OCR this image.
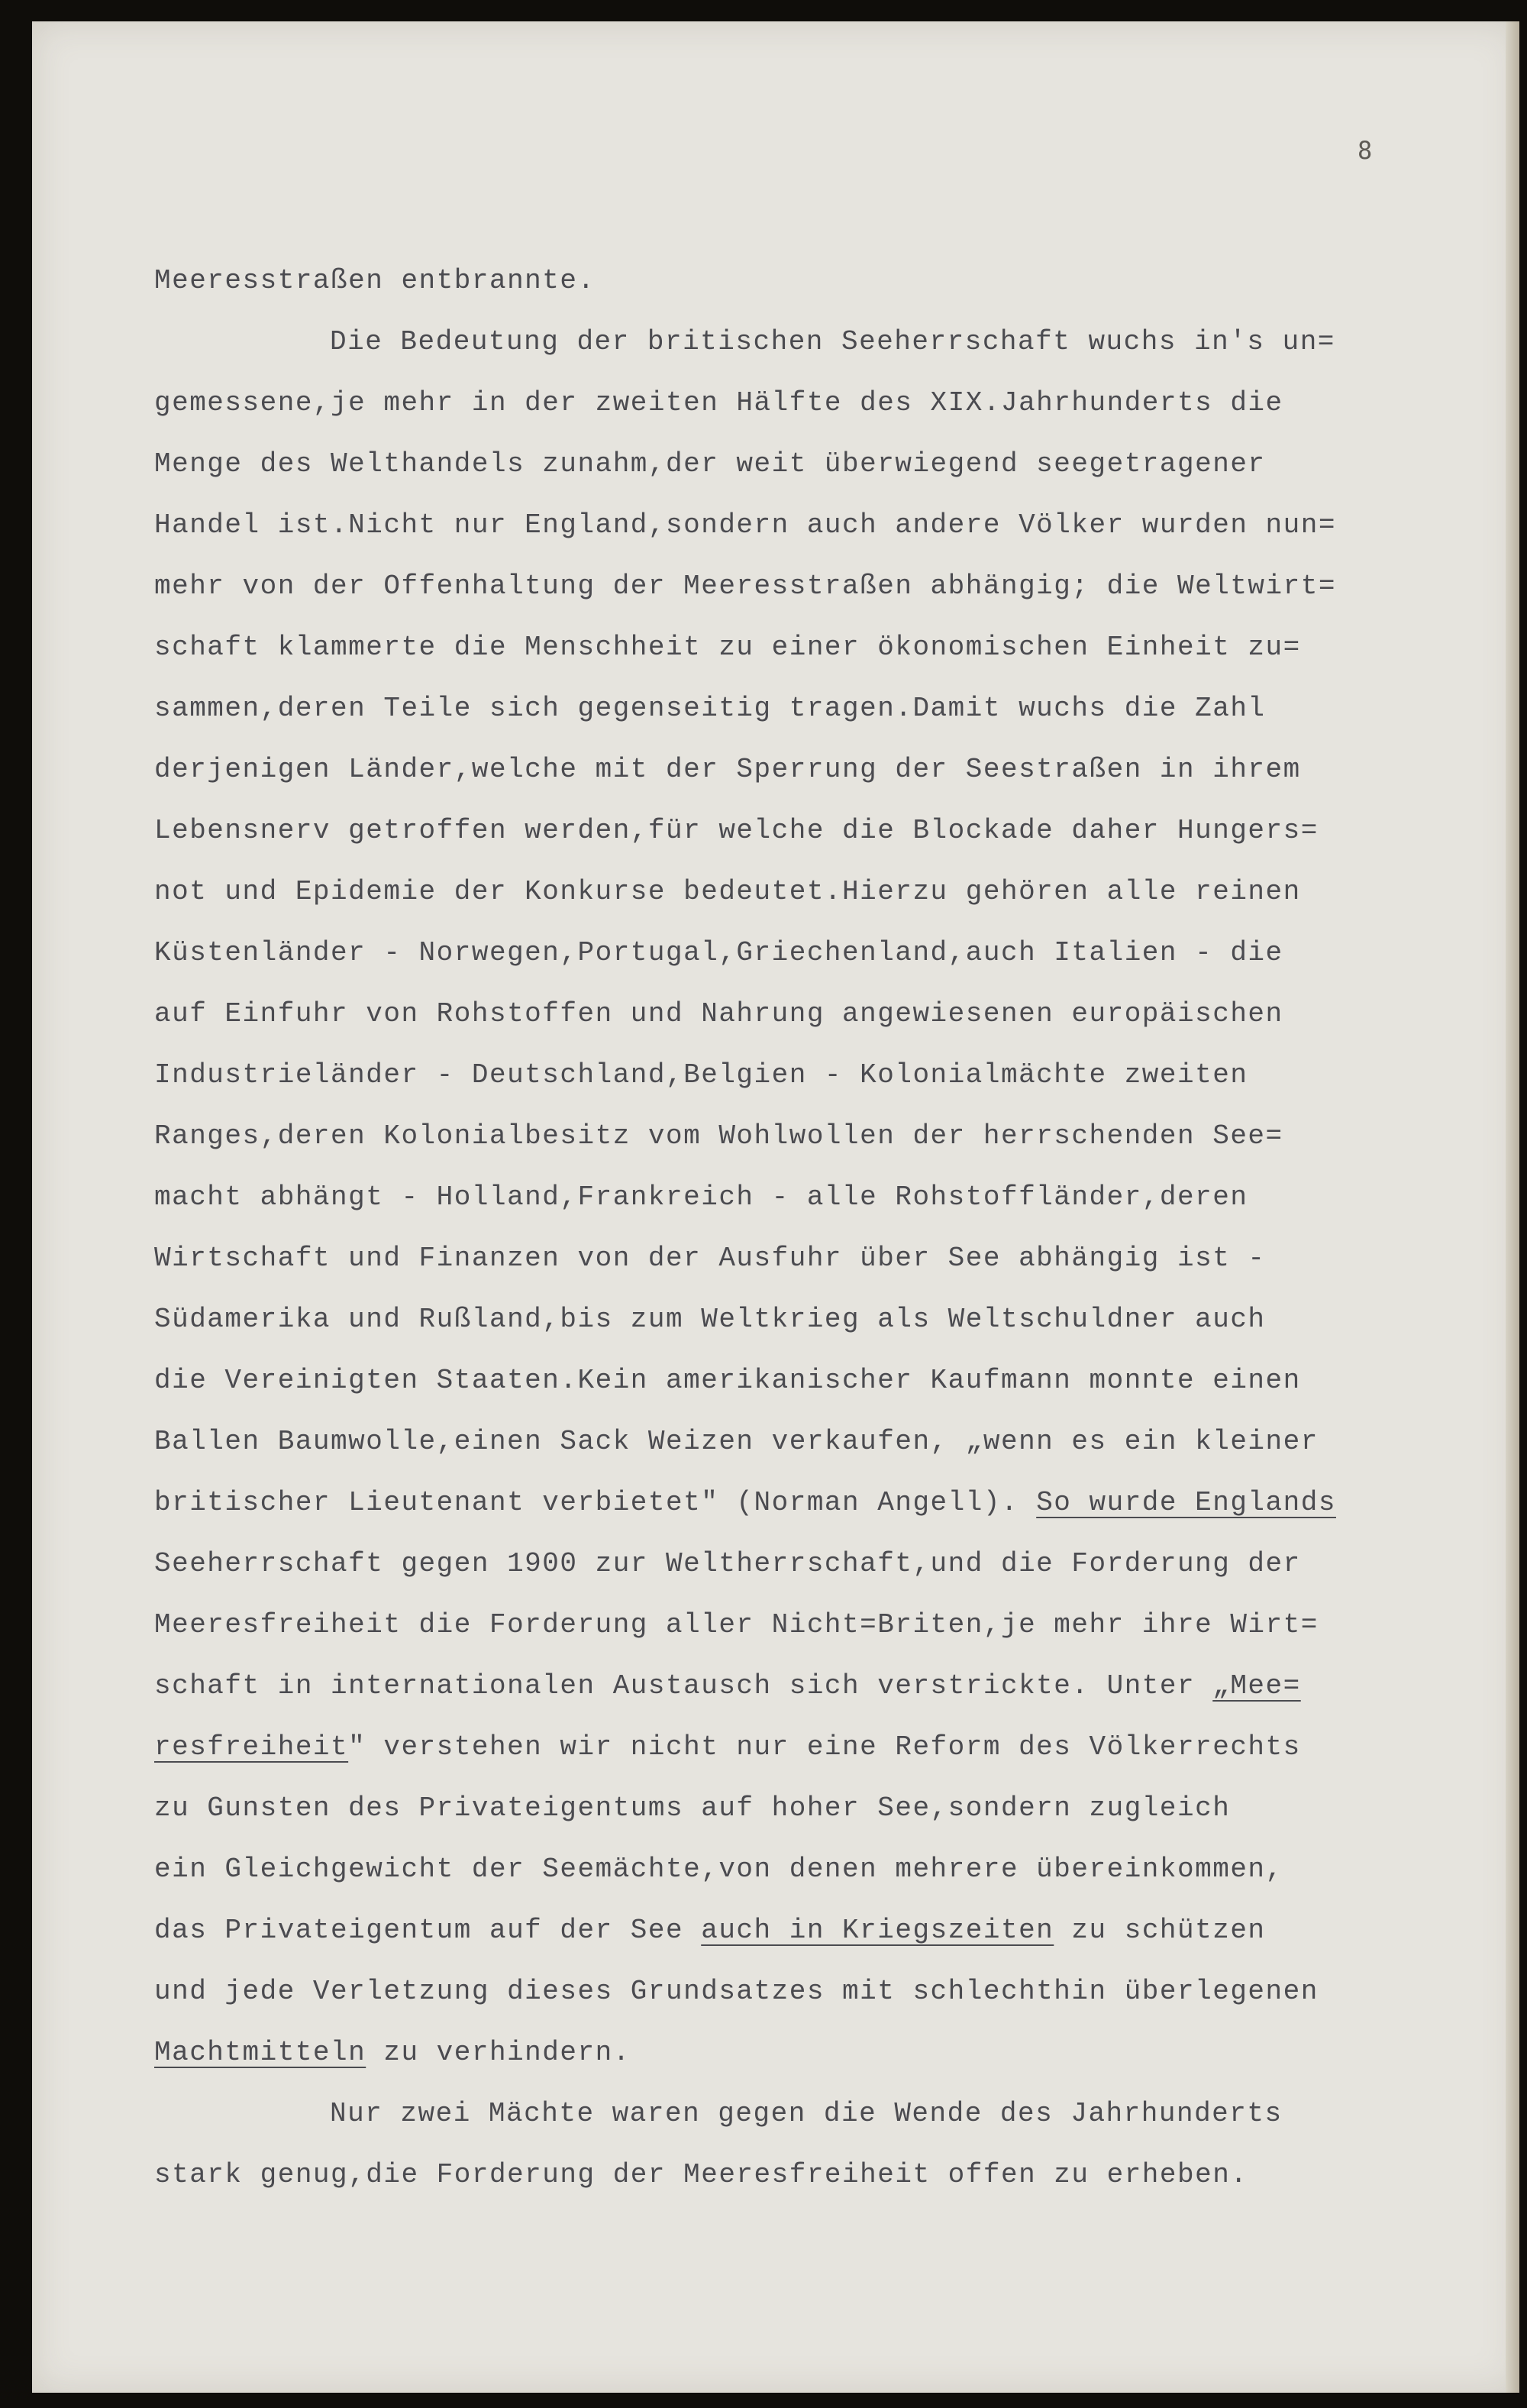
8
Meeresstraßen entbrannte.
Die Bedeutung der britischen Seeherrschaft wuchs in's un=
gemessene,je mehr in der zweiten Hälfte des XIX.Jahrhunderts die
Menge des Welthandels zunahm,der weit überwiegend seegetragener
Handel ist.Nicht nur England,sondern auch andere Völker wurden nun=
mehr von der Offenhaltung der Meeresstraßen abhängig; die Weltwirt=
schaft klammerte die Menschheit zu einer ökonomischen Einheit zu=
sammen,deren Teile sich gegenseitig tragen.Damit wuchs die Zahl
derjenigen Länder,welche mit der Sperrung der Seestraßen in ihrem
Lebensnerv getroffen werden,für welche die Blockade daher Hungers=
not und Epidemie der Konkurse bedeutet.Hierzu gehören alle reinen
Küstenländer - Norwegen,Portugal,Griechenland,auch Italien - die
auf Einfuhr von Rohstoffen und Nahrung angewiesenen europäischen
Industrieländer - Deutschland,Belgien - Kolonialmächte zweiten
Ranges,deren Kolonialbesitz vom Wohlwollen der herrschenden See=
macht abhängt - Holland,Frankreich - alle Rohstoffländer,deren
Wirtschaft und Finanzen von der Ausfuhr über See abhängig ist -
Südamerika und Rußland,bis zum Weltkrieg als Weltschuldner auch
die Vereinigten Staaten.Kein amerikanischer Kaufmann monnte einen
Ballen Baumwolle,einen Sack Weizen verkaufen, „wenn es ein kleiner
britischer Lieutenant verbietet" (Norman Angell). So wurde Englands
Seeherrschaft gegen 1900 zur Weltherrschaft,und die Forderung der
Meeresfreiheit die Forderung aller Nicht=Briten,je mehr ihre Wirt=
schaft in internationalen Austausch sich verstrickte. Unter „Mee=
resfreiheit" verstehen wir nicht nur eine Reform des Völkerrechts
zu Gunsten des Privateigentums auf hoher See,sondern zugleich
ein Gleichgewicht der Seemächte,von denen mehrere übereinkommen,
das Privateigentum auf der See auch in Kriegszeiten zu schützen
und jede Verletzung dieses Grundsatzes mit schlechthin überlegenen
Machtmitteln zu verhindern.
Nur zwei Mächte waren gegen die Wende des Jahrhunderts
stark genug,die Forderung der Meeresfreiheit offen zu erheben.
